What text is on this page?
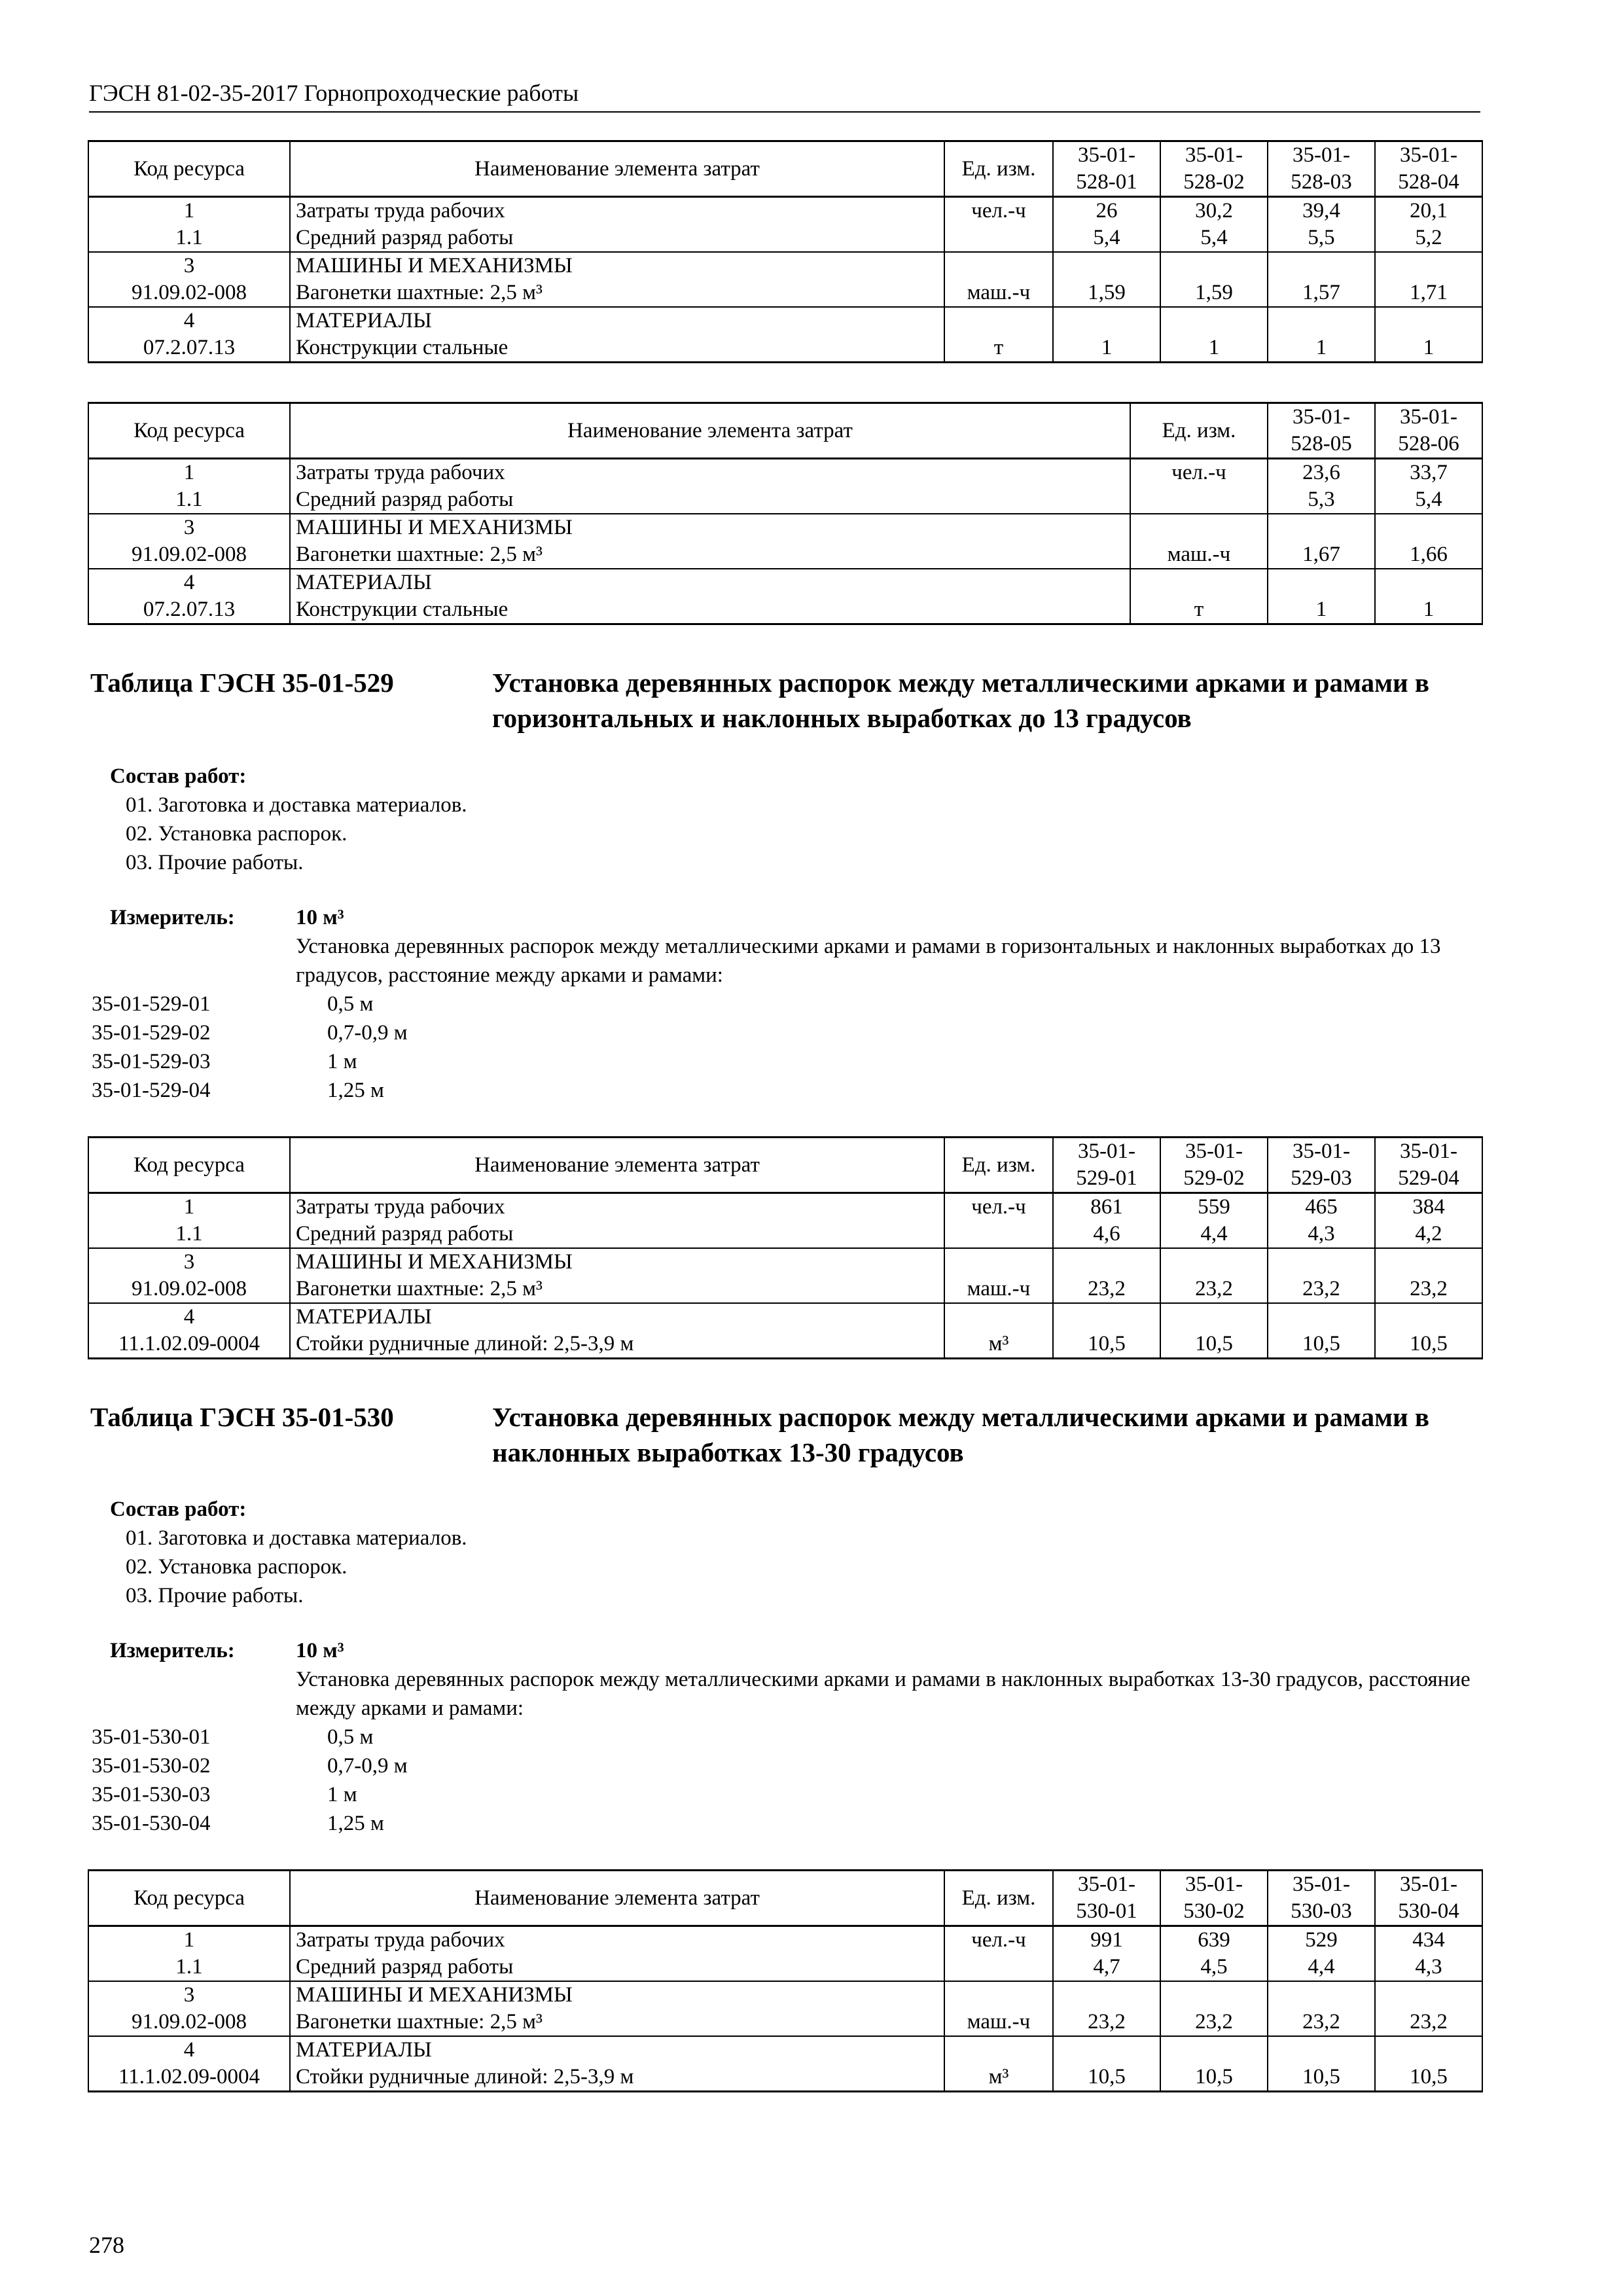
ГЭСН 81-02-35-2017 Горнопроходческие работы
Код ресурса	Наименование элемента затрат	Ед. изм.	35-01-528-01	35-01-528-02	35-01-528-03	35-01-528-04
1	Затраты труда рабочих	чел.-ч	26	30,2	39,4	20,1
1.1	Средний разряд работы		5,4	5,4	5,5	5,2
3	МАШИНЫ И МЕХАНИЗМЫ					
91.09.02-008	Вагонетки шахтные: 2,5 м³	маш.-ч	1,59	1,59	1,57	1,71
4	МАТЕРИАЛЫ					
07.2.07.13	Конструкции стальные	т	1	1	1	1
Код ресурса	Наименование элемента затрат	Ед. изм.	35-01-528-05	35-01-528-06
1	Затраты труда рабочих	чел.-ч	23,6	33,7
1.1	Средний разряд работы		5,3	5,4
3	МАШИНЫ И МЕХАНИЗМЫ			
91.09.02-008	Вагонетки шахтные: 2,5 м³	маш.-ч	1,67	1,66
4	МАТЕРИАЛЫ			
07.2.07.13	Конструкции стальные	т	1	1
Таблица ГЭСН 35-01-529	Установка деревянных распорок между металлическими арками и рамами в горизонтальных и наклонных выработках до 13 градусов
Состав работ:
01. Заготовка и доставка материалов.
02. Установка распорок.
03. Прочие работы.
Измеритель:	10 м³
Установка деревянных распорок между металлическими арками и рамами в горизонтальных и наклонных выработках до 13 градусов, расстояние между арками и рамами:
35-01-529-01	0,5 м
35-01-529-02	0,7-0,9 м
35-01-529-03	1 м
35-01-529-04	1,25 м
Код ресурса	Наименование элемента затрат	Ед. изм.	35-01-529-01	35-01-529-02	35-01-529-03	35-01-529-04
1	Затраты труда рабочих	чел.-ч	861	559	465	384
1.1	Средний разряд работы		4,6	4,4	4,3	4,2
3	МАШИНЫ И МЕХАНИЗМЫ					
91.09.02-008	Вагонетки шахтные: 2,5 м³	маш.-ч	23,2	23,2	23,2	23,2
4	МАТЕРИАЛЫ					
11.1.02.09-0004	Стойки рудничные длиной: 2,5-3,9 м	м³	10,5	10,5	10,5	10,5
Таблица ГЭСН 35-01-530	Установка деревянных распорок между металлическими арками и рамами в наклонных выработках 13-30 градусов
Состав работ:
01. Заготовка и доставка материалов.
02. Установка распорок.
03. Прочие работы.
Измеритель:	10 м³
Установка деревянных распорок между металлическими арками и рамами в наклонных выработках 13-30 градусов, расстояние между арками и рамами:
35-01-530-01	0,5 м
35-01-530-02	0,7-0,9 м
35-01-530-03	1 м
35-01-530-04	1,25 м
Код ресурса	Наименование элемента затрат	Ед. изм.	35-01-530-01	35-01-530-02	35-01-530-03	35-01-530-04
1	Затраты труда рабочих	чел.-ч	991	639	529	434
1.1	Средний разряд работы		4,7	4,5	4,4	4,3
3	МАШИНЫ И МЕХАНИЗМЫ					
91.09.02-008	Вагонетки шахтные: 2,5 м³	маш.-ч	23,2	23,2	23,2	23,2
4	МАТЕРИАЛЫ					
11.1.02.09-0004	Стойки рудничные длиной: 2,5-3,9 м	м³	10,5	10,5	10,5	10,5
278
